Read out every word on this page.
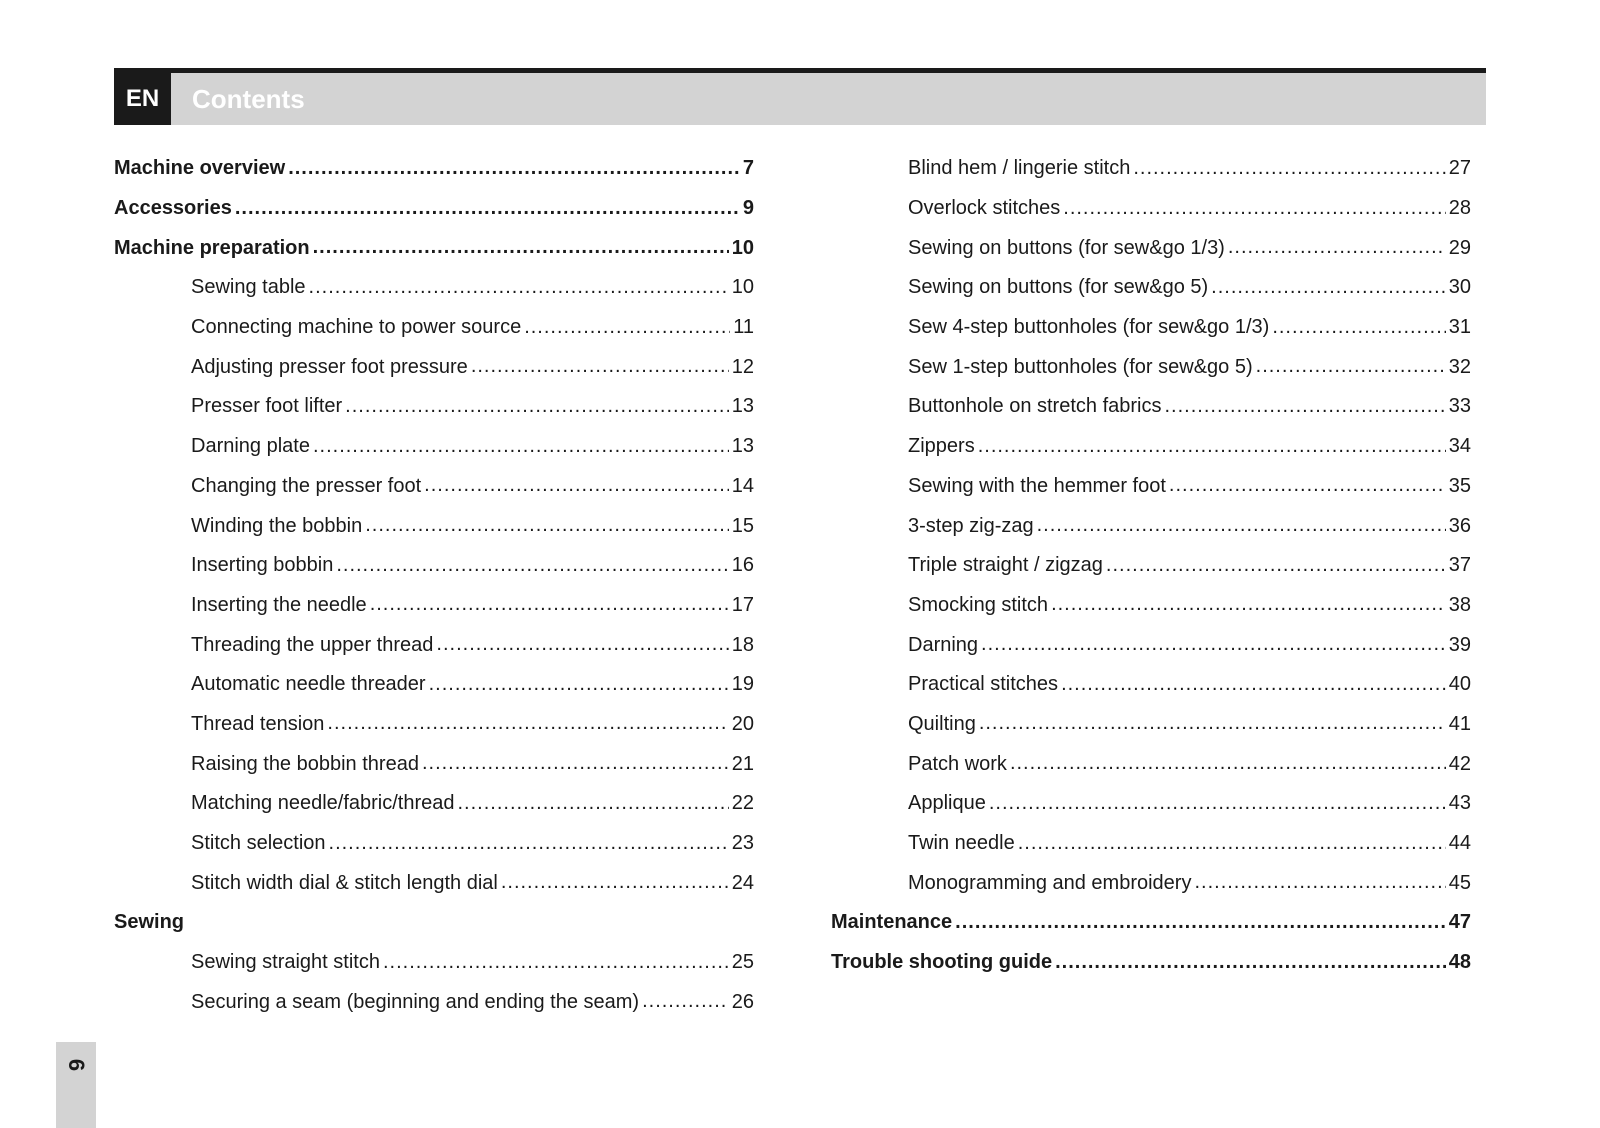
EN	Contents
Machine overview .....	7
Accessories .....	9
Machine preparation .....	10
Sewing table .....	10
Connecting machine to power source .....	11
Adjusting presser foot pressure .....	12
Presser foot lifter .....	13
Darning plate .....	13
Changing the presser foot .....	14
Winding the bobbin .....	15
Inserting bobbin .....	16
Inserting the needle .....	17
Threading the upper thread .....	18
Automatic needle threader .....	19
Thread tension .....	20
Raising the bobbin thread .....	21
Matching needle/fabric/thread .....	22
Stitch selection .....	23
Stitch width dial & stitch length dial .....	24
Sewing
Sewing straight stitch .....	25
Securing a seam (beginning and ending the seam) .....	26
Blind hem / lingerie stitch .....	27
Overlock stitches .....	28
Sewing on buttons (for sew&go 1/3) .....	29
Sewing on buttons (for sew&go 5) .....	30
Sew 4-step buttonholes (for sew&go 1/3) .....	31
Sew 1-step buttonholes (for sew&go 5) .....	32
Buttonhole on stretch fabrics .....	33
Zippers .....	34
Sewing with the hemmer foot .....	35
3-step zig-zag .....	36
Triple straight / zigzag .....	37
Smocking stitch .....	38
Darning .....	39
Practical stitches .....	40
Quilting .....	41
Patch work .....	42
Applique .....	43
Twin needle .....	44
Monogramming and embroidery .....	45
Maintenance .....	47
Trouble shooting guide .....	48
6
